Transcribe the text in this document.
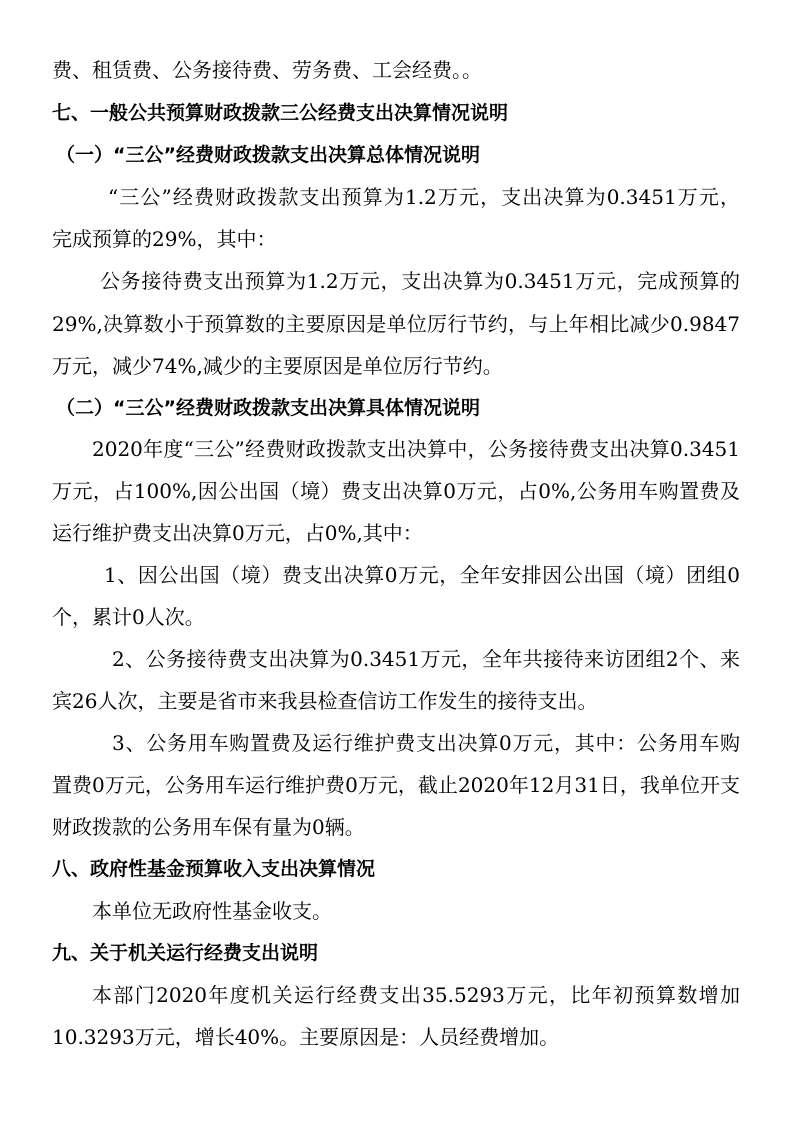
费、租赁费、公务接待费、劳务费、工会经费。。
七、一般公共预算财政拨款三公经费支出决算情况说明
（一）“三公”经费财政拨款支出决算总体情况说明
“三公”经费财政拨款支出预算为1.2万元，支出决算为0.3451万元，
完成预算的29%，其中：
公务接待费支出预算为1.2万元，支出决算为0.3451万元，完成预算的
29%,决算数小于预算数的主要原因是单位厉行节约，与上年相比减少0.9847
万元，减少74%,减少的主要原因是单位厉行节约。
（二）“三公”经费财政拨款支出决算具体情况说明
2020年度“三公”经费财政拨款支出决算中，公务接待费支出决算0.3451
万元，占100%,因公出国（境）费支出决算0万元，占0%,公务用车购置费及
运行维护费支出决算0万元，占0%,其中：
1、因公出国（境）费支出决算0万元，全年安排因公出国（境）团组0
个，累计0人次。
2、公务接待费支出决算为0.3451万元，全年共接待来访团组2个、来
宾26人次，主要是省市来我县检查信访工作发生的接待支出。
3、公务用车购置费及运行维护费支出决算0万元，其中：公务用车购
置费0万元，公务用车运行维护费0万元，截止2020年12月31日，我单位开支
财政拨款的公务用车保有量为0辆。
八、政府性基金预算收入支出决算情况
本单位无政府性基金收支。
九、关于机关运行经费支出说明
本部门2020年度机关运行经费支出35.5293万元，比年初预算数增加
10.3293万元，增长40%。主要原因是：人员经费增加。
